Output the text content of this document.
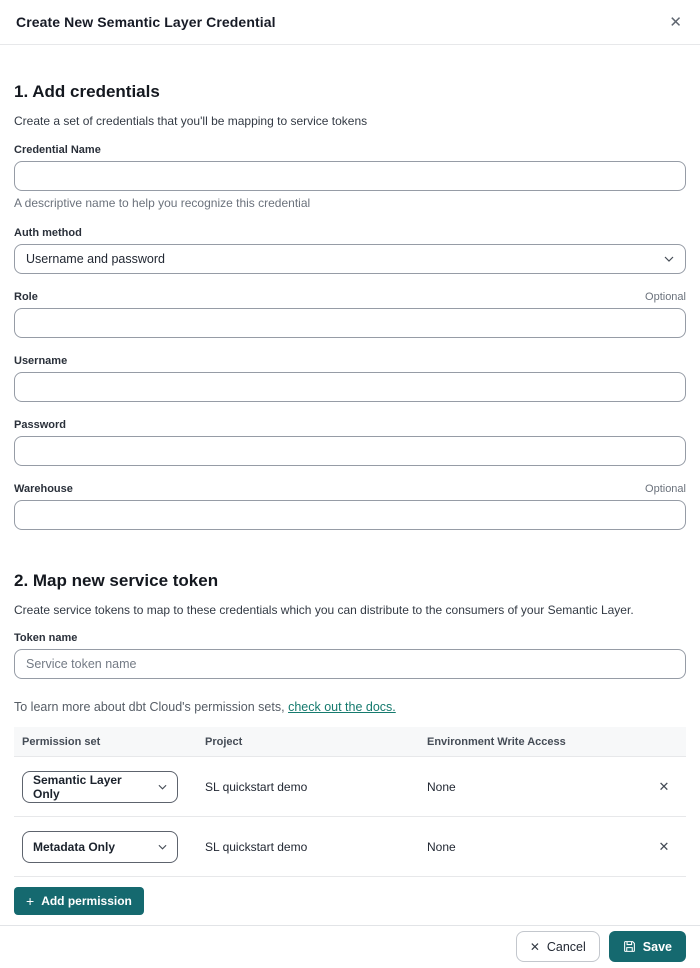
Create New Semantic Layer Credential	✕
1. Add credentials
Create a set of credentials that you'll be mapping to service tokens
Credential Name
A descriptive name to help you recognize this credential
Auth method
Username and password
Role	Optional
Username
Password
Warehouse	Optional
2. Map new service token
Create service tokens to map to these credentials which you can distribute to the consumers of your Semantic Layer.
Token name
Service token name
To learn more about dbt Cloud's permission sets, check out the docs.
Permission set	Project	Environment Write Access
Semantic Layer Only	SL quickstart demo	None	✕
Metadata Only	SL quickstart demo	None	✕
+ Add permission
✕ Cancel	Save
